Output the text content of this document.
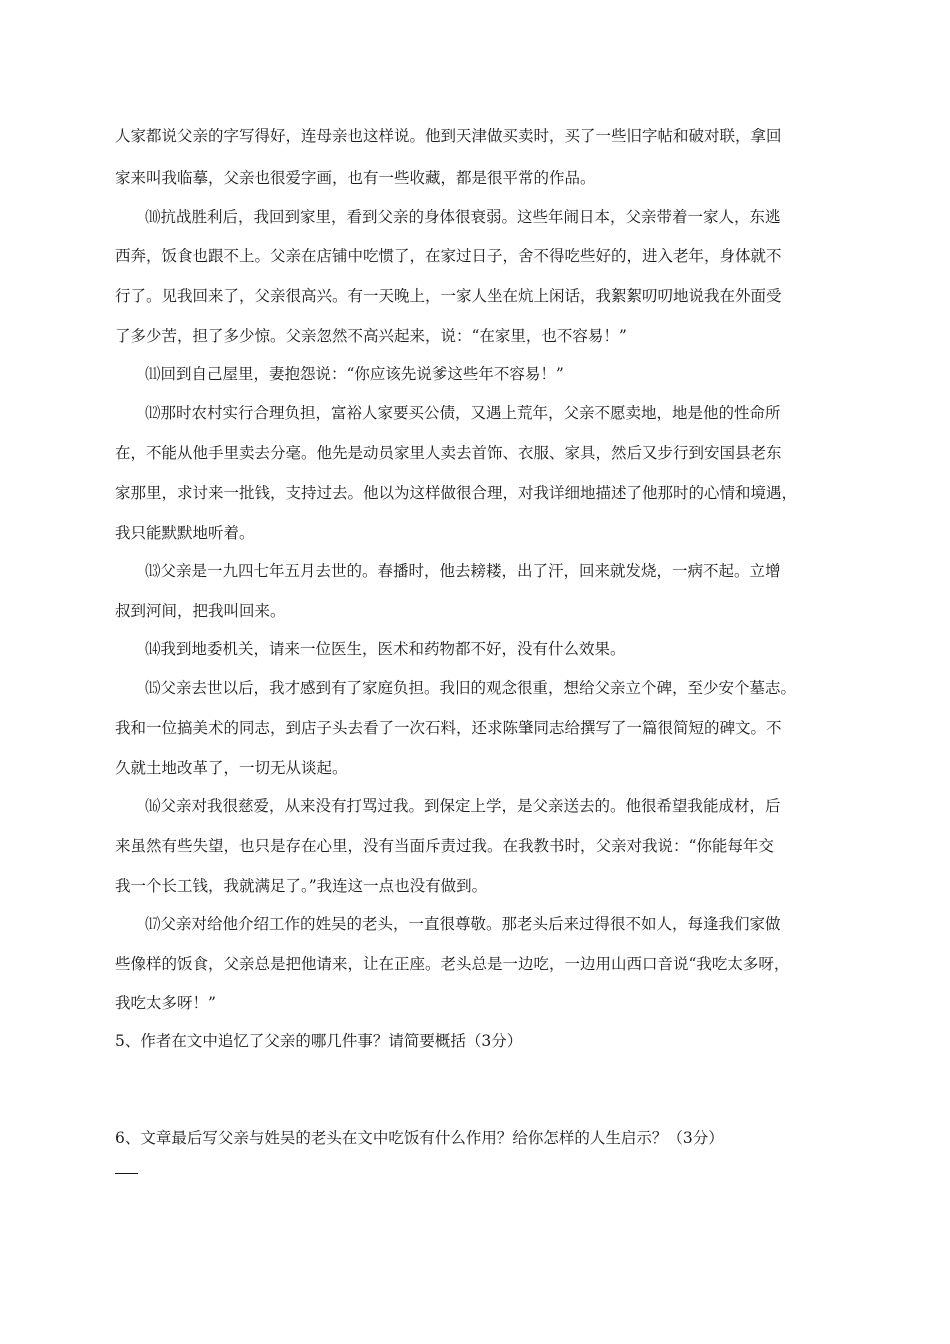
人家都说父亲的字写得好，连母亲也这样说。他到天津做买卖时，买了一些旧字帖和破对联，拿回
家来叫我临摹，父亲也很爱字画，也有一些收藏，都是很平常的作品。
⑽抗战胜利后，我回到家里，看到父亲的身体很衰弱。这些年闹日本，父亲带着一家人，东逃
西奔，饭食也跟不上。父亲在店铺中吃惯了，在家过日子，舍不得吃些好的，进入老年，身体就不
行了。见我回来了，父亲很高兴。有一天晚上，一家人坐在炕上闲话，我絮絮叨叨地说我在外面受
了多少苦，担了多少惊。父亲忽然不高兴起来，说：“在家里，也不容易！”
⑾回到自己屋里，妻抱怨说：“你应该先说爹这些年不容易！”
⑿那时农村实行合理负担，富裕人家要买公债，又遇上荒年，父亲不愿卖地，地是他的性命所
在，不能从他手里卖去分毫。他先是动员家里人卖去首饰、衣服、家具，然后又步行到安国县老东
家那里，求讨来一批钱，支持过去。他以为这样做很合理，对我详细地描述了他那时的心情和境遇，
我只能默默地听着。
⒀父亲是一九四七年五月去世的。春播时，他去耪耧，出了汗，回来就发烧，一病不起。立增
叔到河间，把我叫回来。
⒁我到地委机关，请来一位医生，医术和药物都不好，没有什么效果。
⒂父亲去世以后，我才感到有了家庭负担。我旧的观念很重，想给父亲立个碑，至少安个墓志。
我和一位搞美术的同志，到店子头去看了一次石料，还求陈肇同志给撰写了一篇很简短的碑文。不
久就土地改革了，一切无从谈起。
⒃父亲对我很慈爱，从来没有打骂过我。到保定上学，是父亲送去的。他很希望我能成材，后
来虽然有些失望，也只是存在心里，没有当面斥责过我。在我教书时，父亲对我说：“你能每年交
我一个长工钱，我就满足了。”我连这一点也没有做到。
⒄父亲对给他介绍工作的姓吴的老头，一直很尊敬。那老头后来过得很不如人，每逢我们家做
些像样的饭食，父亲总是把他请来，让在正座。老头总是一边吃，一边用山西口音说“我吃太多呀，
我吃太多呀！”
5、作者在文中追忆了父亲的哪几件事？请简要概括（3分）
6、文章最后写父亲与姓吴的老头在文中吃饭有什么作用？给你怎样的人生启示？（3分）
